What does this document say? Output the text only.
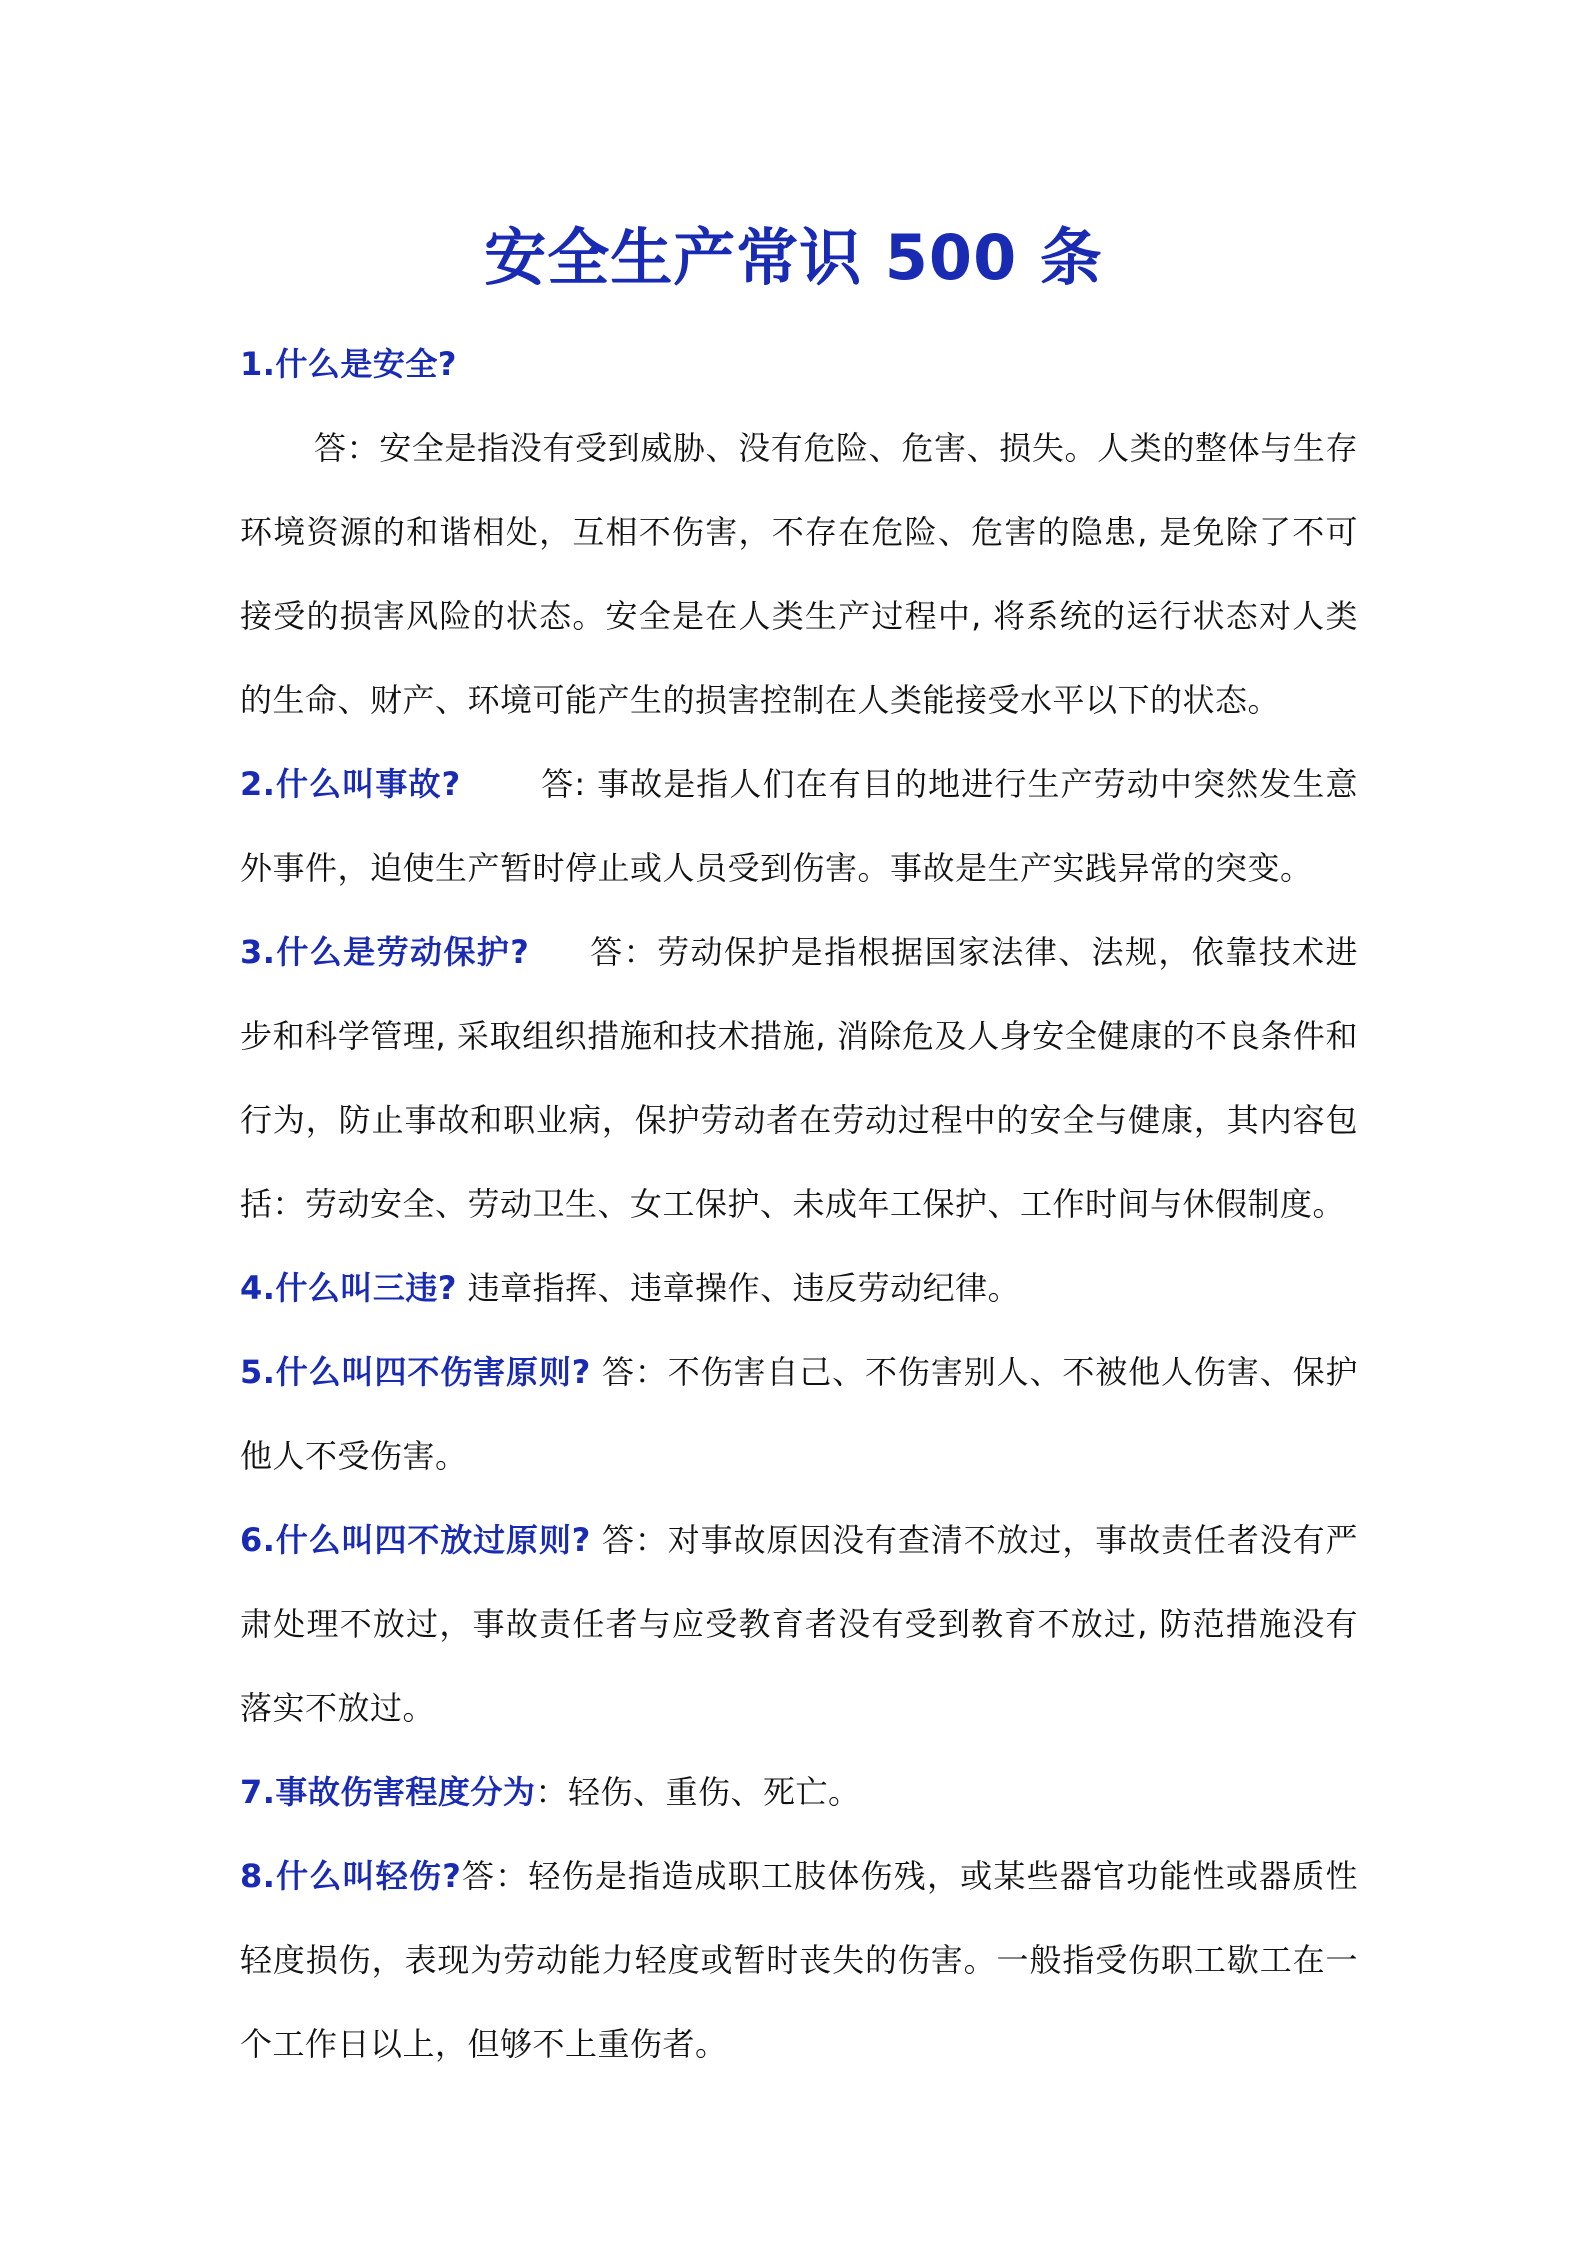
安全生产常识 500 条

1.什么是安全?

答：安全是指没有受到威胁、没有危险、危害、损失。人类的整体与生存环境资源的和谐相处，互相不伤害，不存在危险、危害的隐患, 是免除了不可接受的损害风险的状态。安全是在人类生产过程中, 将系统的运行状态对人类的生命、财产、环境可能产生的损害控制在人类能接受水平以下的状态。

2.什么叫事故?	答: 事故是指人们在有目的地进行生产劳动中突然发生意外事件，迫使生产暂时停止或人员受到伤害。事故是生产实践异常的突变。

3.什么是劳动保护? 答：劳动保护是指根据国家法律、法规，依靠技术进步和科学管理, 采取组织措施和技术措施, 消除危及人身安全健康的不良条件和行为，防止事故和职业病，保护劳动者在劳动过程中的安全与健康，其内容包括：劳动安全、劳动卫生、女工保护、未成年工保护、工作时间与休假制度。

4.什么叫三违? 违章指挥、违章操作、违反劳动纪律。

5.什么叫四不伤害原则? 答：不伤害自己、不伤害别人、不被他人伤害、保护他人不受伤害。

6.什么叫四不放过原则? 答：对事故原因没有查清不放过，事故责任者没有严肃处理不放过，事故责任者与应受教育者没有受到教育不放过, 防范措施没有落实不放过。

7.事故伤害程度分为：轻伤、重伤、死亡。

8.什么叫轻伤?答：轻伤是指造成职工肢体伤残，或某些器官功能性或器质性轻度损伤，表现为劳动能力轻度或暂时丧失的伤害。一般指受伤职工歇工在一个工作日以上，但够不上重伤者。
